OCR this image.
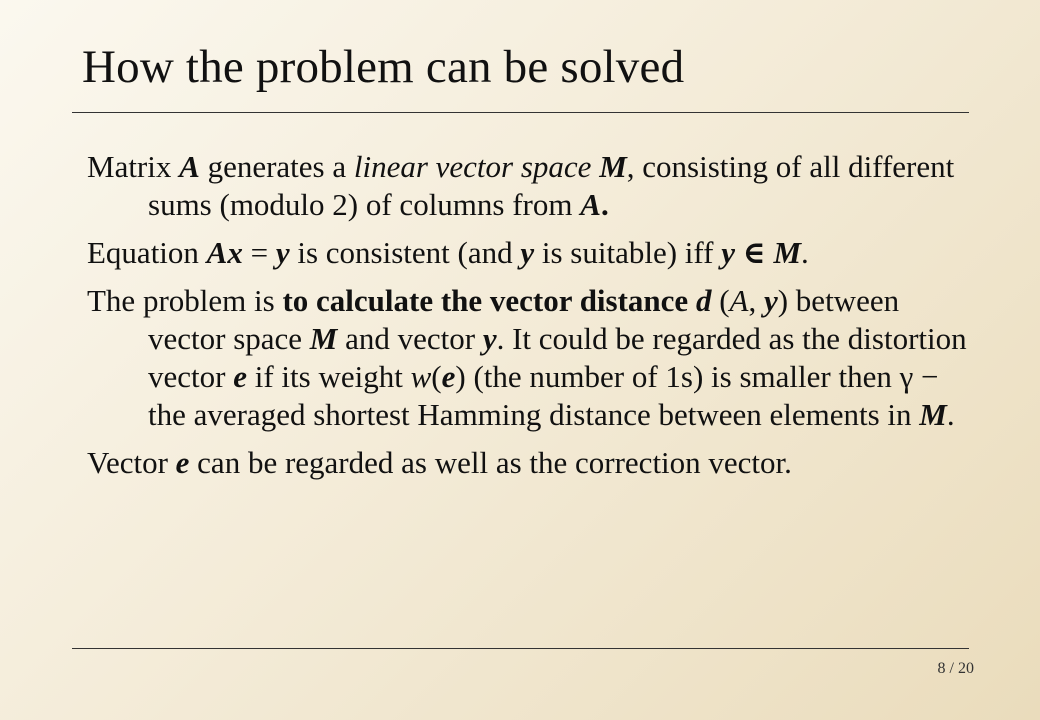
How the problem can be solved

Matrix A generates a linear vector space M, consisting of all different sums (modulo 2) of columns from A.

Equation Ax = y is consistent (and y is suitable) iff y ∈ M.

The problem is to calculate the vector distance d (A, y) between vector space M and vector y. It could be regarded as the distortion vector e if its weight w(e) (the number of 1s) is smaller then γ − the averaged shortest Hamming distance between elements in M.

Vector e can be regarded as well as the correction vector.

8 / 20
